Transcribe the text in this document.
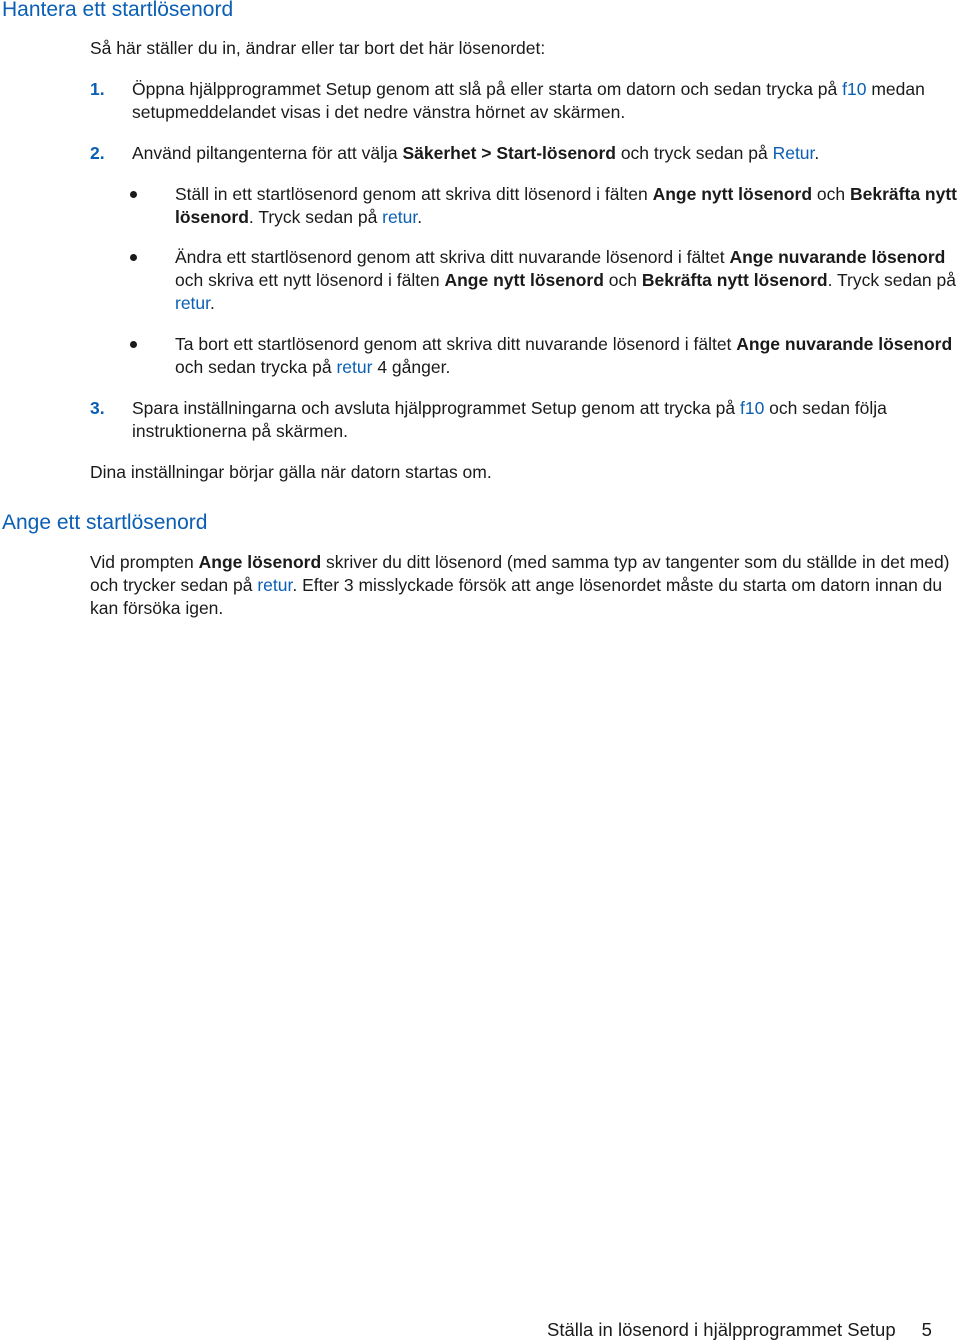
Hantera ett startlösenord

Så här ställer du in, ändrar eller tar bort det här lösenordet:

1. Öppna hjälpprogrammet Setup genom att slå på eller starta om datorn och sedan trycka på f10 medan setupmeddelandet visas i det nedre vänstra hörnet av skärmen.
2. Använd piltangenterna för att välja Säkerhet > Start-lösenord och tryck sedan på Retur.
Ställ in ett startlösenord genom att skriva ditt lösenord i fälten Ange nytt lösenord och Bekräfta nytt lösenord. Tryck sedan på retur.
Ändra ett startlösenord genom att skriva ditt nuvarande lösenord i fältet Ange nuvarande lösenord och skriva ett nytt lösenord i fälten Ange nytt lösenord och Bekräfta nytt lösenord. Tryck sedan på retur.
Ta bort ett startlösenord genom att skriva ditt nuvarande lösenord i fältet Ange nuvarande lösenord och sedan trycka på retur 4 gånger.
3. Spara inställningarna och avsluta hjälpprogrammet Setup genom att trycka på f10 och sedan följa instruktionerna på skärmen.

Dina inställningar börjar gälla när datorn startas om.

Ange ett startlösenord

Vid prompten Ange lösenord skriver du ditt lösenord (med samma typ av tangenter som du ställde in det med) och trycker sedan på retur. Efter 3 misslyckade försök att ange lösenordet måste du starta om datorn innan du kan försöka igen.

Ställa in lösenord i hjälpprogrammet Setup 5
